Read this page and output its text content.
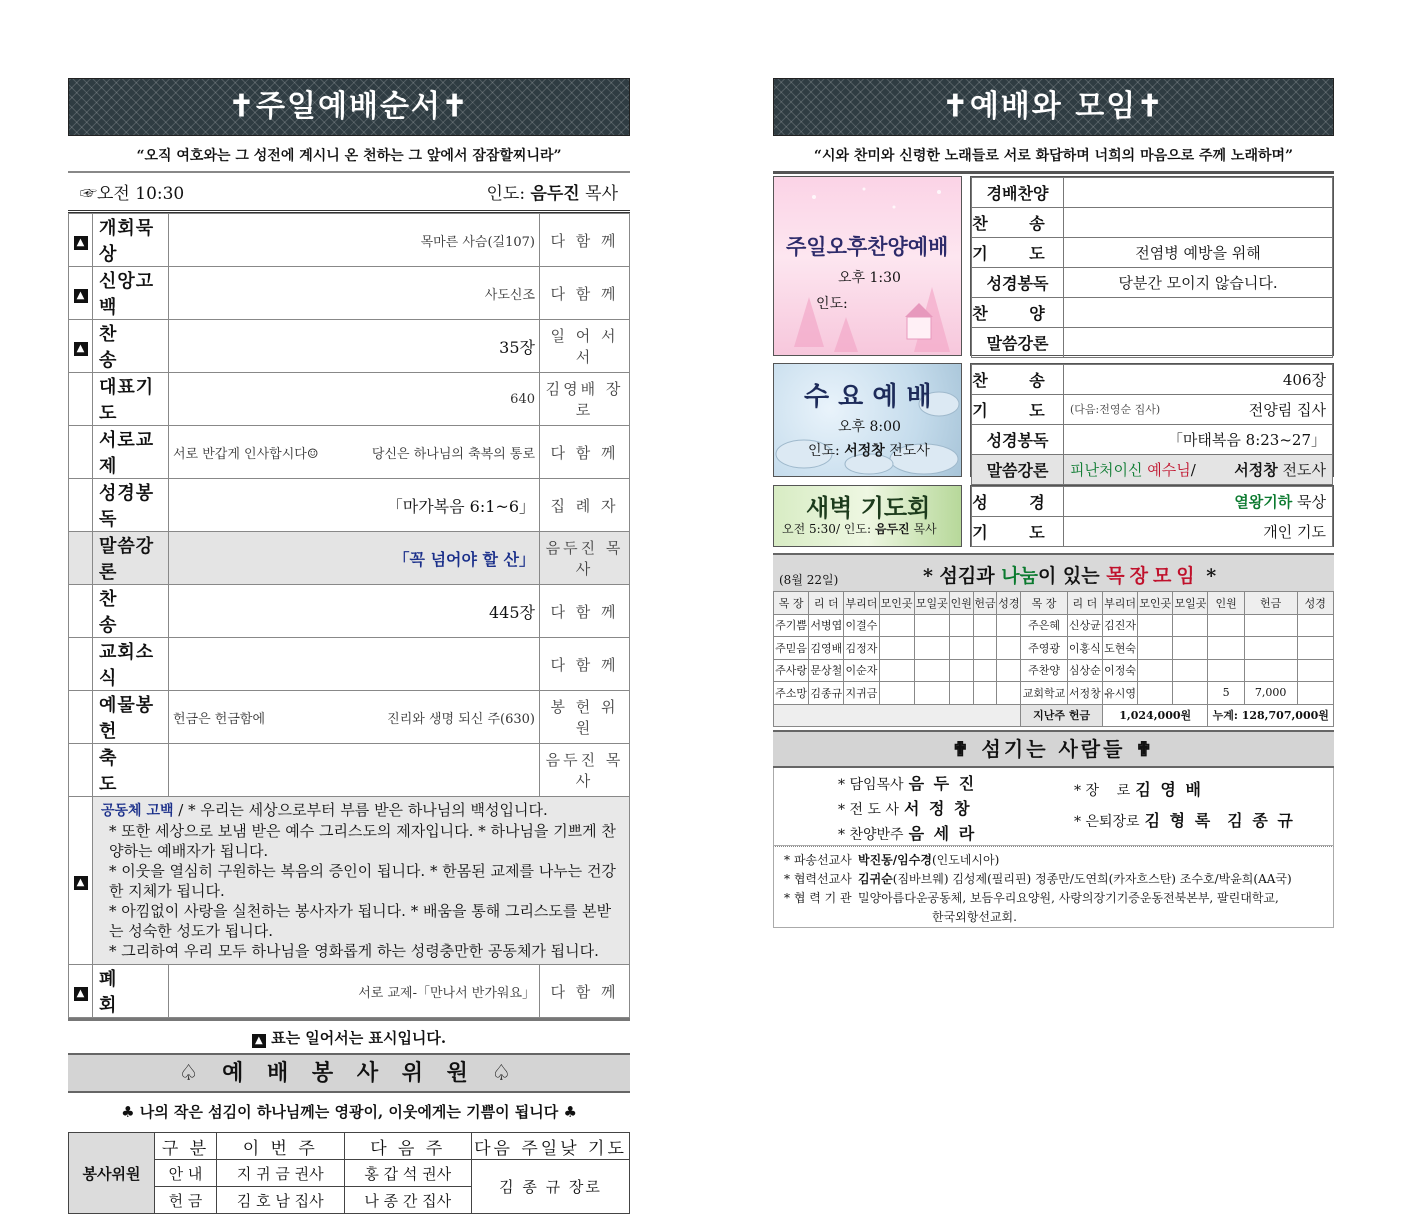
✝주일예배순서✝
“오직 여호와는 그 성전에 계시니 온 천하는 그 앞에서 잠잠할찌니라”
☞오전 10:30	인도: 음두진 목사
▲	개회묵상	목마른 사슴(길107)	다 함 께
▲	신앙고백	사도신조	다 함 께
▲	찬 송	35장	일 어 서 서
	대표기도	640	김영배 장로
	서로교제	서로 반갑게 인사합시다☺ 당신은 하나님의 축복의 통로	다 함 께
	성경봉독	「마가복음 6:1~6」	집 례 자
	말씀강론	「꼭 넘어야 할 산」	음두진 목사
	찬 송	445장	다 함 께
	교회소식		다 함 께
	예물봉헌	헌금은 헌금함에 진리와 생명 되신 주(630)	봉 헌 위 원
	축 도		음두진 목사
▲	공동체 고백 / * 우리는 세상으로부터 부름 받은 하나님의 백성입니다.
* 또한 세상으로 보냄 받은 예수 그리스도의 제자입니다. * 하나님을 기쁘게 찬양하는 예배자가 됩니다.
* 이웃을 열심히 구원하는 복음의 증인이 됩니다. * 한몸된 교제를 나누는 건강한 지체가 됩니다.
* 아낌없이 사랑을 실천하는 봉사자가 됩니다. * 배움을 통해 그리스도를 본받는 성숙한 성도가 됩니다.
* 그리하여 우리 모두 하나님을 영화롭게 하는 성령충만한 공동체가 됩니다.		

▲	폐 회	서로 교제-「만나서 반가워요」	다 함 께
▲ 표는 일어서는 표시입니다.
♤ 예 배 봉 사 위 원 ♤
♣ 나의 작은 섬김이 하나님께는 영광이, 이웃에게는 기쁨이 됩니다 ♣
봉사위원	구 분	이 번 주	다 음 주	다음 주일낮 기도
	안 내	지 귀 금 권사	홍 갑 석 권사	김 종 규 장로
	헌 금	김 호 남 집사	나 종 간 집사	
✝예배와 모임✝
“시와 찬미와 신령한 노래들로 서로 화답하며 너희의 마음으로 주께 노래하며”
주일오후찬양예배
오후 1:30
인도:
경배찬양	
찬 송	
기 도	전염병 예방을 위해
성경봉독	당분간 모이지 않습니다.
찬 양	
말씀강론	
수 요 예 배
오후 8:00
인도: 서정창 전도사
찬 송	406장
기 도	(다음:전영순 집사) 전양림 집사

성경봉독	「마태복음 8:23~27」
말씀강론	피난처이신 예수님/ 서정창 전도사
새벽 기도회
오전 5:30/ 인도: 음두진 목사
성 경	열왕기하 묵상
기 도	개인 기도
(8월 22일)	* 섬김과 나눔이 있는 목장모임 *
목 장	리 더	부리더	모인곳	모일곳	인원	헌금	성경	목 장	리 더	부리더	모인곳	모일곳	인원	헌금	성경
주기쁨	서병엽	이결수						주은혜	신상균	김진자					
주믿음	김영배	김정자						주영광	이홍식	도현숙					
주사랑	문상철	이순자						주찬양	심상순	이정숙					
주소망	김종규	지귀금						교회학교	서정창	유시영			5	7,000	
								지난주 헌금		1,024,000원			누계: 128,707,000원		
✟ 섬기는 사람들 ✟
* 담임목사 음 두 진
* 전 도 사 서 정 창
* 찬양반주 음 세 라
* 장    로 김 영 배
* 은퇴장로 김 형 록  김 종 규
* 파송선교사 박진동/임수경(인도네시아)
* 협력선교사 김귀순(짐바브웨) 김성제(필리핀) 정종만/도연희(카자흐스탄) 조수호/박윤희(AA국)
* 협 력 기 관 밀양아름다운공동체, 보듬우리요양원, 사랑의장기기증운동전북본부, 팔린대학교,
한국외항선교회.
